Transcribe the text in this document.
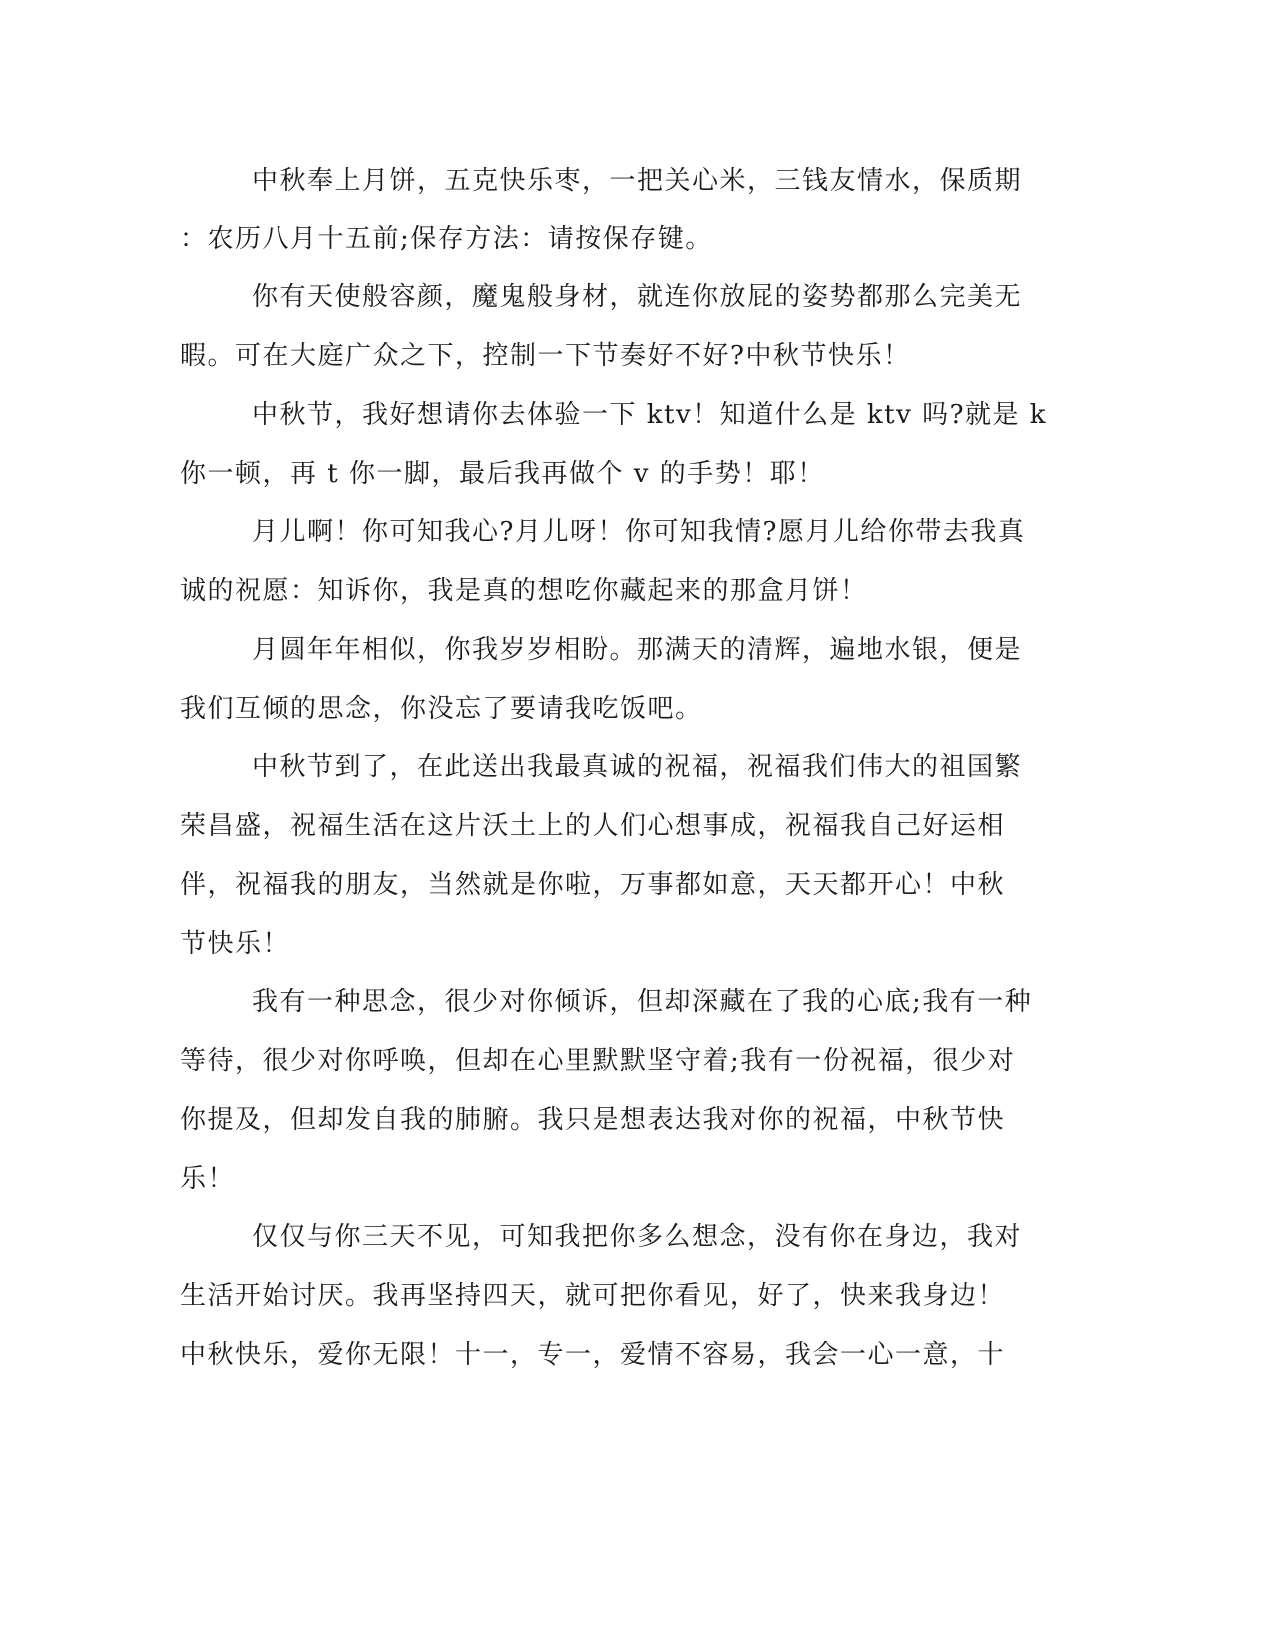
中秋奉上月饼，五克快乐枣，一把关心米，三钱友情水，保质期
：农历八月十五前;保存方法：请按保存键。
你有天使般容颜，魔鬼般身材，就连你放屁的姿势都那么完美无
暇。可在大庭广众之下，控制一下节奏好不好?中秋节快乐！
中秋节，我好想请你去体验一下 ktv！知道什么是 ktv 吗?就是 k
你一顿，再 t 你一脚，最后我再做个 v 的手势！耶！
月儿啊！你可知我心?月儿呀！你可知我情?愿月儿给你带去我真
诚的祝愿：知诉你，我是真的想吃你藏起来的那盒月饼！
月圆年年相似，你我岁岁相盼。那满天的清辉，遍地水银，便是
我们互倾的思念，你没忘了要请我吃饭吧。
中秋节到了，在此送出我最真诚的祝福，祝福我们伟大的祖国繁
荣昌盛，祝福生活在这片沃土上的人们心想事成，祝福我自己好运相
伴，祝福我的朋友，当然就是你啦，万事都如意，天天都开心！中秋
节快乐！
我有一种思念，很少对你倾诉，但却深藏在了我的心底;我有一种
等待，很少对你呼唤，但却在心里默默坚守着;我有一份祝福，很少对
你提及，但却发自我的肺腑。我只是想表达我对你的祝福，中秋节快
乐！
仅仅与你三天不见，可知我把你多么想念，没有你在身边，我对
生活开始讨厌。我再坚持四天，就可把你看见，好了，快来我身边！
中秋快乐，爱你无限！十一，专一，爱情不容易，我会一心一意，十
